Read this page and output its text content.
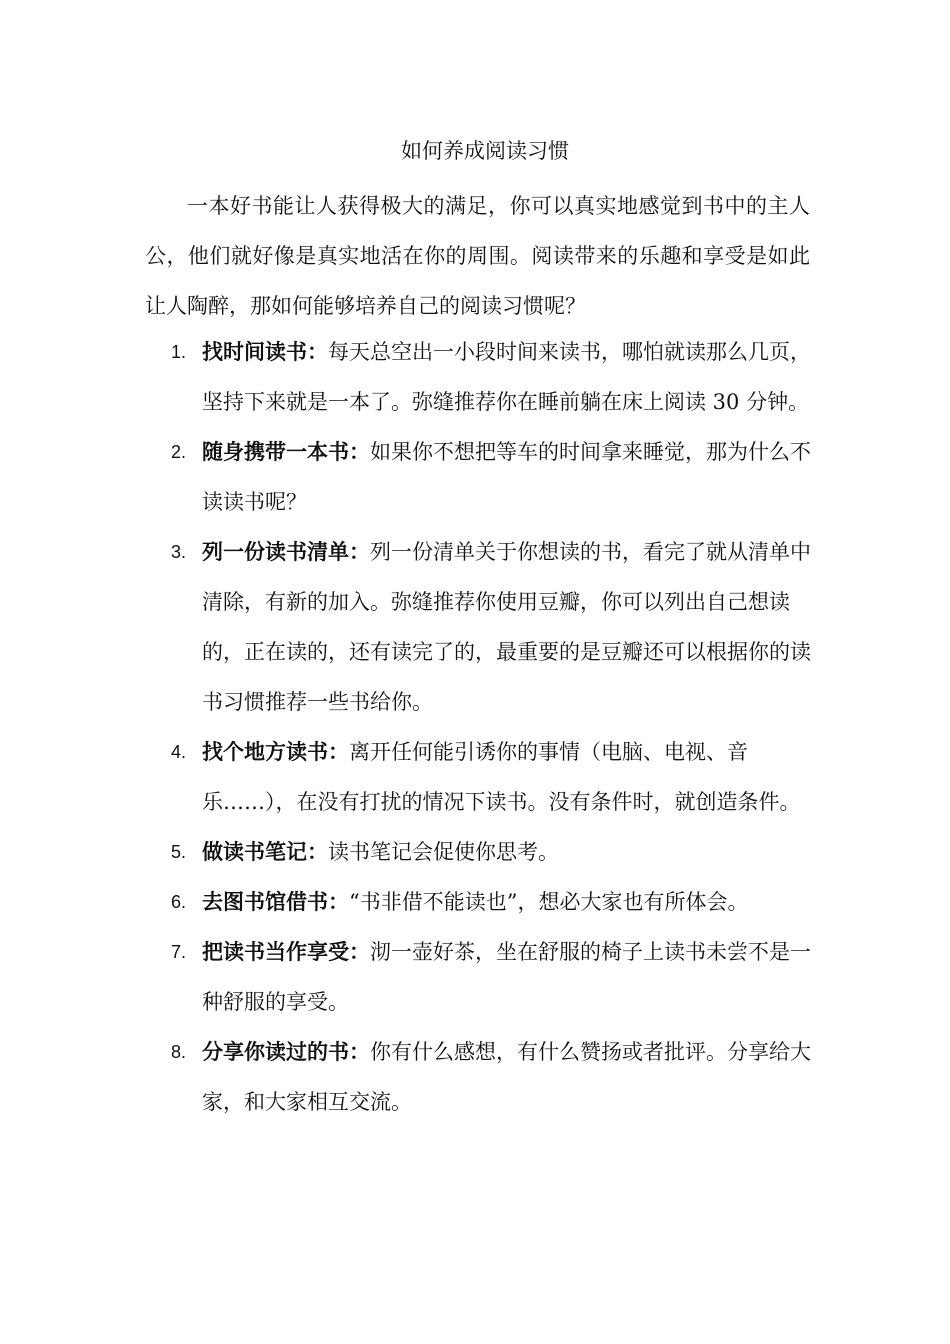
如何养成阅读习惯

一本好书能让人获得极大的满足，你可以真实地感觉到书中的主人公，他们就好像是真实地活在你的周围。阅读带来的乐趣和享受是如此让人陶醉，那如何能够培养自己的阅读习惯呢？

1. 找时间读书：每天总空出一小段时间来读书，哪怕就读那么几页，坚持下来就是一本了。弥缝推荐你在睡前躺在床上阅读 30 分钟。
2. 随身携带一本书：如果你不想把等车的时间拿来睡觉，那为什么不读读书呢？
3. 列一份读书清单：列一份清单关于你想读的书，看完了就从清单中清除，有新的加入。弥缝推荐你使用豆瓣，你可以列出自己想读的，正在读的，还有读完了的，最重要的是豆瓣还可以根据你的读书习惯推荐一些书给你。
4. 找个地方读书：离开任何能引诱你的事情（电脑、电视、音乐……），在没有打扰的情况下读书。没有条件时，就创造条件。
5. 做读书笔记：读书笔记会促使你思考。
6. 去图书馆借书：“书非借不能读也”，想必大家也有所体会。
7. 把读书当作享受：沏一壶好茶，坐在舒服的椅子上读书未尝不是一种舒服的享受。
8. 分享你读过的书：你有什么感想，有什么赞扬或者批评。分享给大家，和大家相互交流。
